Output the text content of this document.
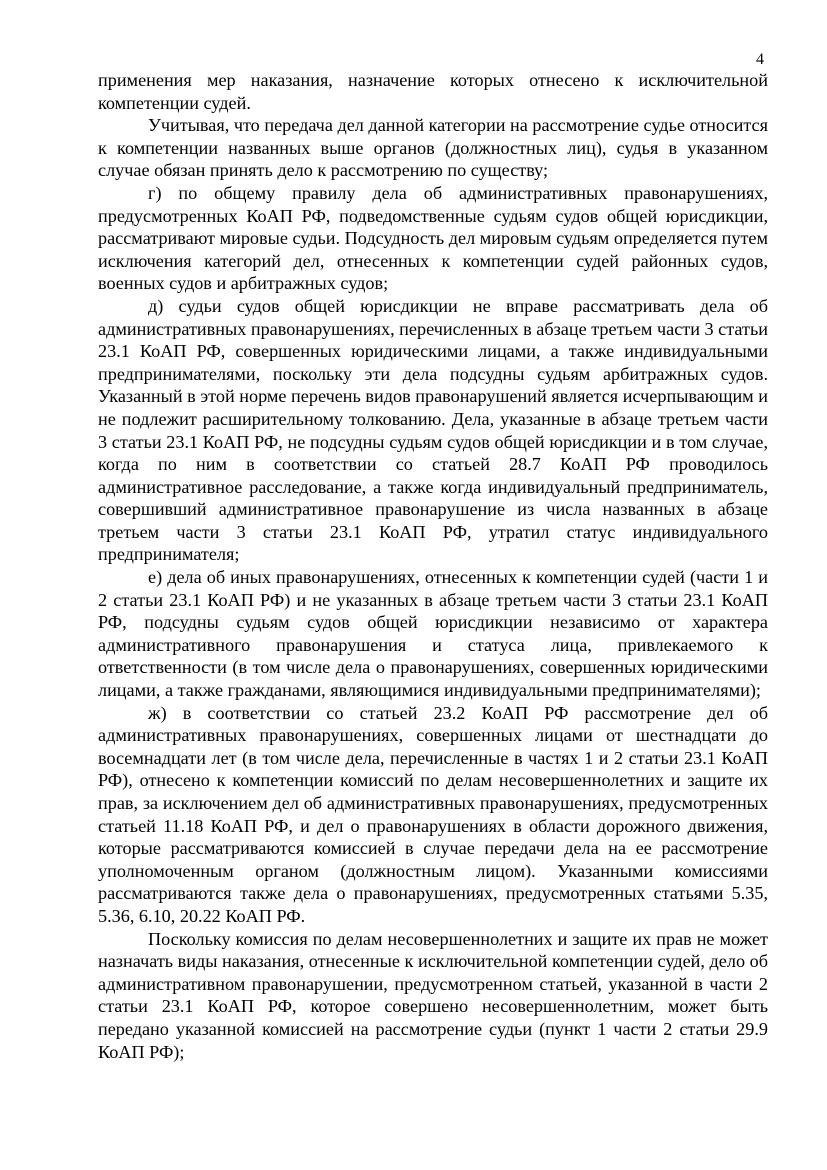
4

применения мер наказания, назначение которых отнесено к исключительной компетенции судей.

Учитывая, что передача дел данной категории на рассмотрение судье относится к компетенции названных выше органов (должностных лиц), судья в указанном случае обязан принять дело к рассмотрению по существу;

г) по общему правилу дела об административных правонарушениях, предусмотренных КоАП РФ, подведомственные судьям судов общей юрисдикции, рассматривают мировые судьи. Подсудность дел мировым судьям определяется путем исключения категорий дел, отнесенных к компетенции судей районных судов, военных судов и арбитражных судов;

д) судьи судов общей юрисдикции не вправе рассматривать дела об административных правонарушениях, перечисленных в абзаце третьем части 3 статьи 23.1 КоАП РФ, совершенных юридическими лицами, а также индивидуальными предпринимателями, поскольку эти дела подсудны судьям арбитражных судов. Указанный в этой норме перечень видов правонарушений является исчерпывающим и не подлежит расширительному толкованию. Дела, указанные в абзаце третьем части 3 статьи 23.1 КоАП РФ, не подсудны судьям судов общей юрисдикции и в том случае, когда по ним в соответствии со статьей 28.7 КоАП РФ проводилось административное расследование, а также когда индивидуальный предприниматель, совершивший административное правонарушение из числа названных в абзаце третьем части 3 статьи 23.1 КоАП РФ, утратил статус индивидуального предпринимателя;

е) дела об иных правонарушениях, отнесенных к компетенции судей (части 1 и 2 статьи 23.1 КоАП РФ) и не указанных в абзаце третьем части 3 статьи 23.1 КоАП РФ, подсудны судьям судов общей юрисдикции независимо от характера административного правонарушения и статуса лица, привлекаемого к ответственности (в том числе дела о правонарушениях, совершенных юридическими лицами, а также гражданами, являющимися индивидуальными предпринимателями);

ж) в соответствии со статьей 23.2 КоАП РФ рассмотрение дел об административных правонарушениях, совершенных лицами от шестнадцати до восемнадцати лет (в том числе дела, перечисленные в частях 1 и 2 статьи 23.1 КоАП РФ), отнесено к компетенции комиссий по делам несовершеннолетних и защите их прав, за исключением дел об административных правонарушениях, предусмотренных статьей 11.18 КоАП РФ, и дел о правонарушениях в области дорожного движения, которые рассматриваются комиссией в случае передачи дела на ее рассмотрение уполномоченным органом (должностным лицом). Указанными комиссиями рассматриваются также дела о правонарушениях, предусмотренных статьями 5.35, 5.36, 6.10, 20.22 КоАП РФ.

Поскольку комиссия по делам несовершеннолетних и защите их прав не может назначать виды наказания, отнесенные к исключительной компетенции судей, дело об административном правонарушении, предусмотренном статьей, указанной в части 2 статьи 23.1 КоАП РФ, которое совершено несовершеннолетним, может быть передано указанной комиссией на рассмотрение судьи (пункт 1 части 2 статьи 29.9 КоАП РФ);
